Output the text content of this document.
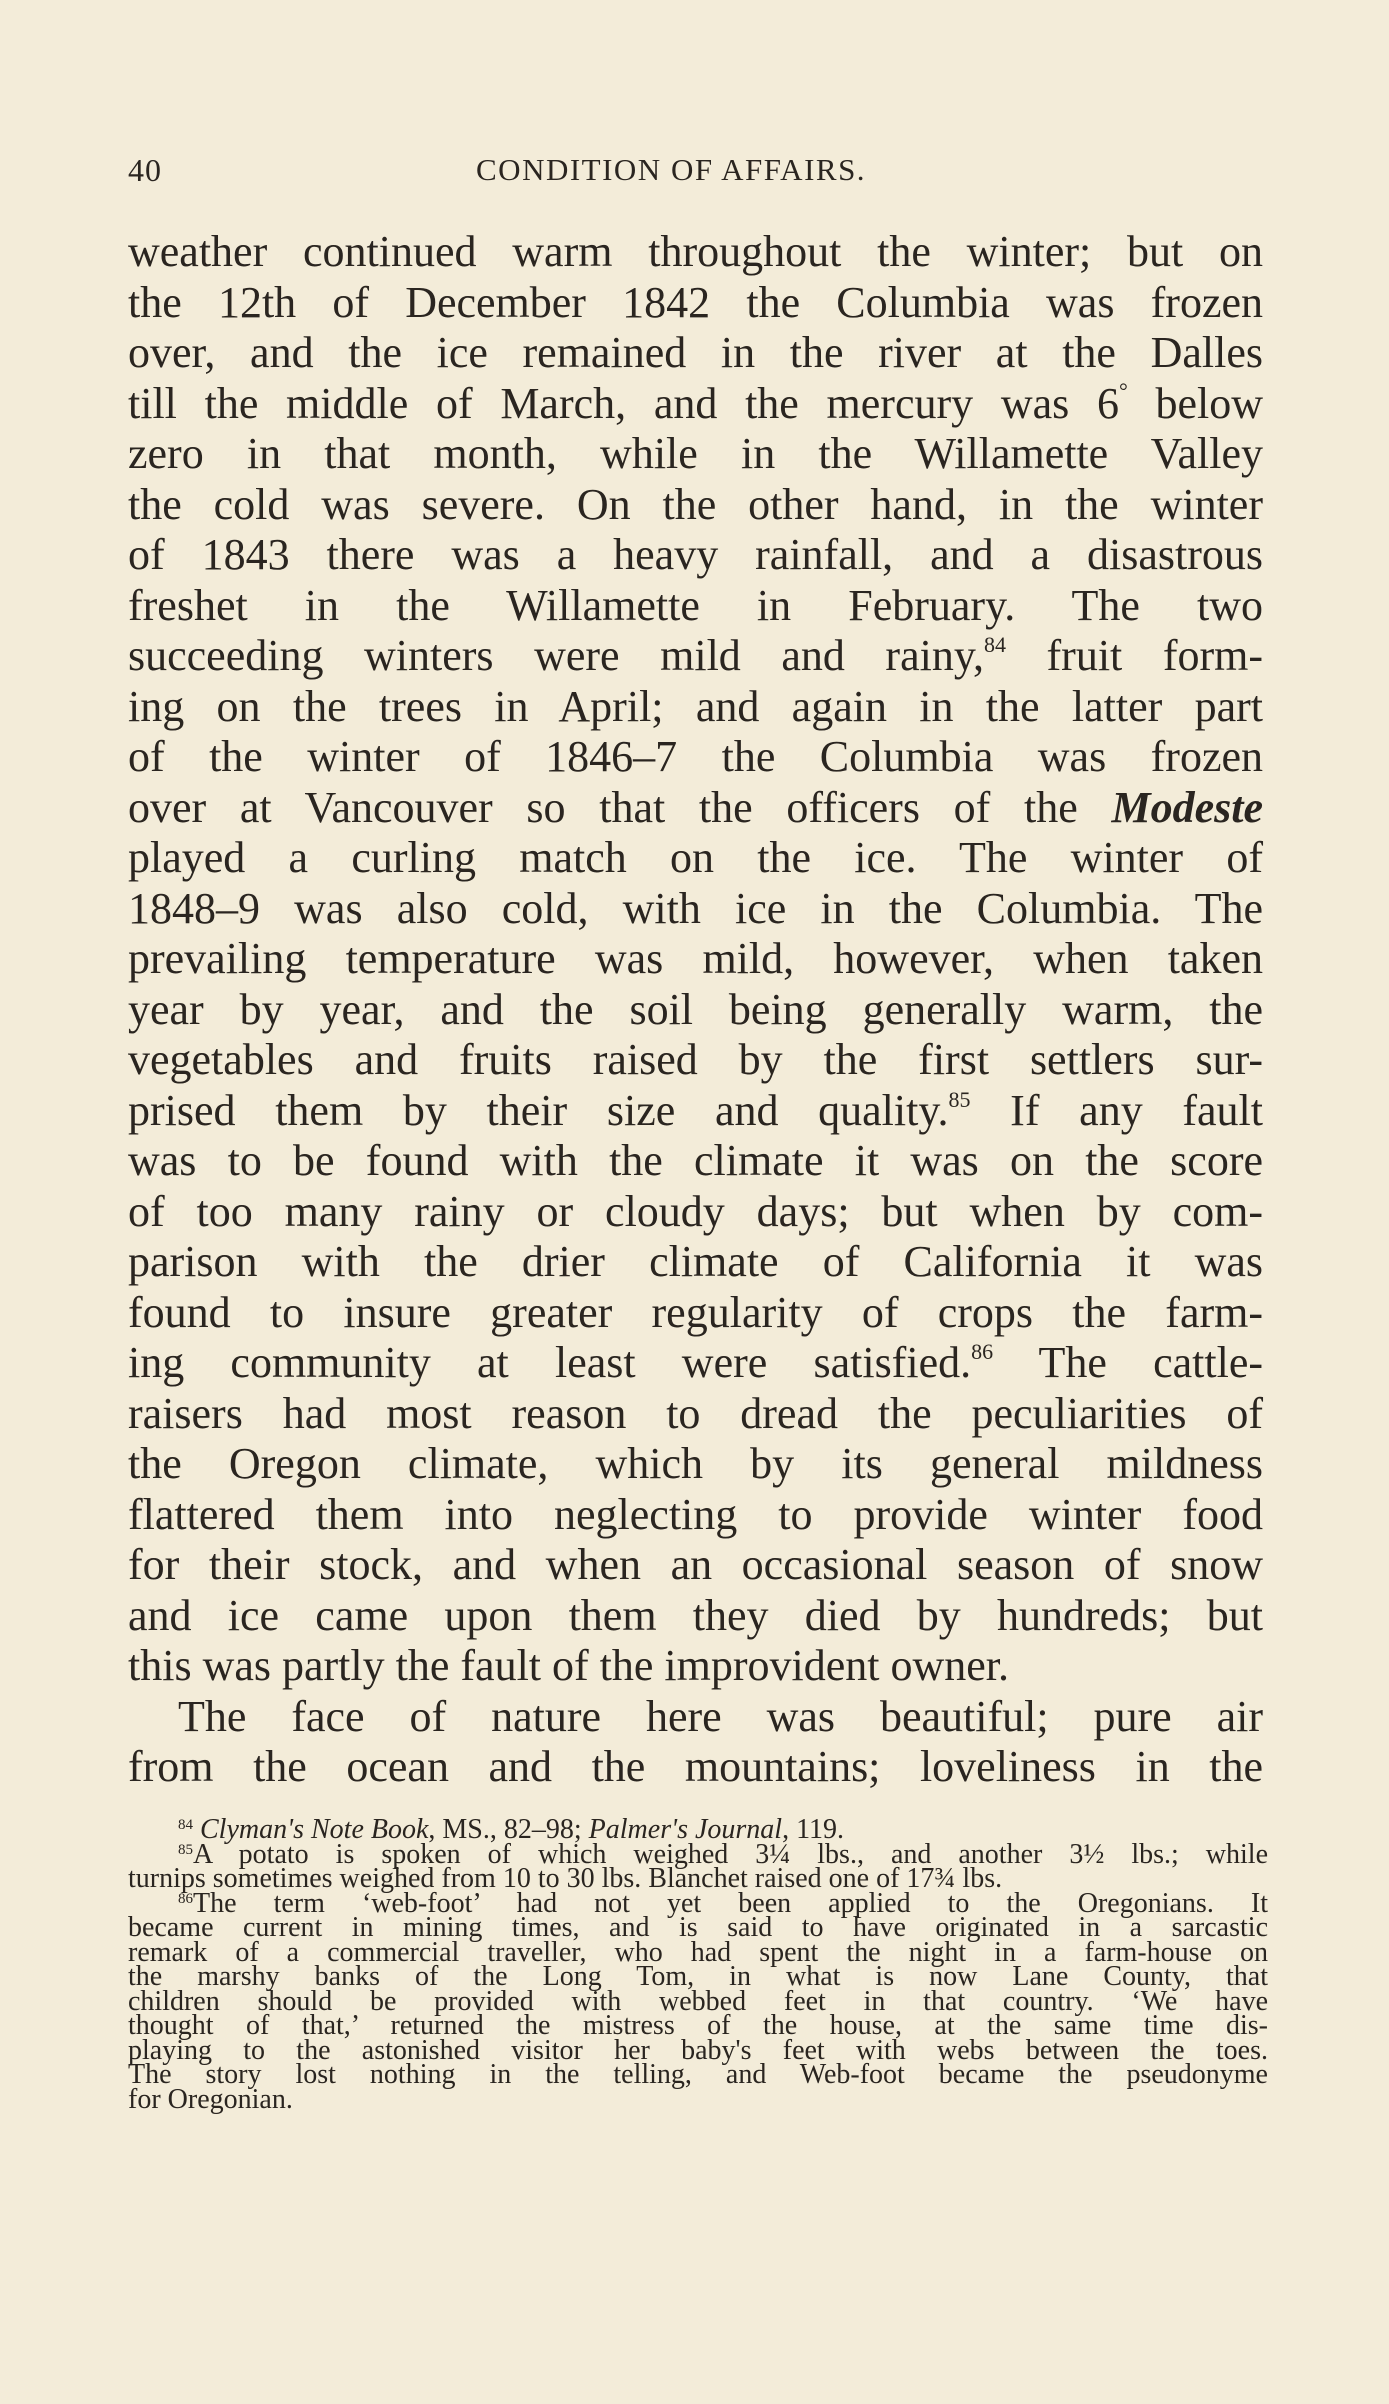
40	CONDITION OF AFFAIRS.
weather continued warm throughout the winter; but on
the 12th of December 1842 the Columbia was frozen
over, and the ice remained in the river at the Dalles
till the middle of March, and the mercury was 6° below
zero in that month, while in the Willamette Valley
the cold was severe. On the other hand, in the winter
of 1843 there was a heavy rainfall, and a disastrous
freshet in the Willamette in February. The two
succeeding winters were mild and rainy,$^{84}$ fruit form-
ing on the trees in April; and again in the latter part
of the winter of 1846–7 the Columbia was frozen
over at Vancouver so that the officers of the Modeste
played a curling match on the ice. The winter of
1848–9 was also cold, with ice in the Columbia. The
prevailing temperature was mild, however, when taken
year by year, and the soil being generally warm, the
vegetables and fruits raised by the first settlers sur-
prised them by their size and quality.$^{85}$ If any fault
was to be found with the climate it was on the score
of too many rainy or cloudy days; but when by com-
parison with the drier climate of California it was
found to insure greater regularity of crops the farm-
ing community at least were satisfied.$^{86}$ The cattle-
raisers had most reason to dread the peculiarities of
the Oregon climate, which by its general mildness
flattered them into neglecting to provide winter food
for their stock, and when an occasional season of snow
and ice came upon them they died by hundreds; but
this was partly the fault of the improvident owner.
The face of nature here was beautiful; pure air
from the ocean and the mountains; loveliness in the
$^{84}$ Clyman's Note Book, MS., 82–98; Palmer's Journal, 119.
$^{85}$A potato is spoken of which weighed 3¼ lbs., and another 3½ lbs.; while
turnips sometimes weighed from 10 to 30 lbs. Blanchet raised one of 17¾ lbs.
$^{86}$The term ‘web-foot’ had not yet been applied to the Oregonians. It
became current in mining times, and is said to have originated in a sarcastic
remark of a commercial traveller, who had spent the night in a farm-house on
the marshy banks of the Long Tom, in what is now Lane County, that
children should be provided with webbed feet in that country. ‘We have
thought of that,’ returned the mistress of the house, at the same time dis-
playing to the astonished visitor her baby's feet with webs between the toes.
The story lost nothing in the telling, and Web-foot became the pseudonyme
for Oregonian.
